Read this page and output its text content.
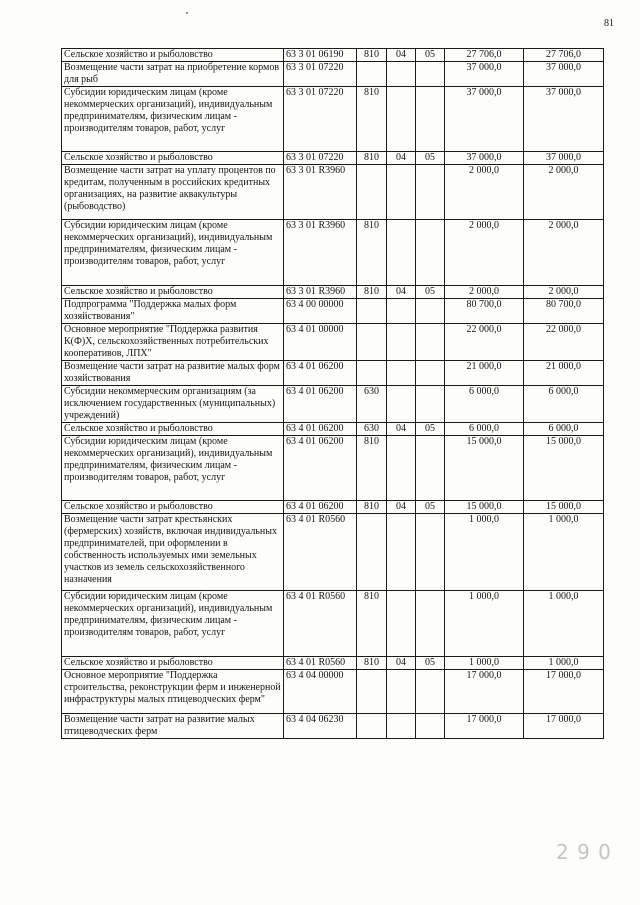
81
Сельское хозяйство и рыболовство	63 3 01 06190	810	04	05	27 706,0	27 706,0
Возмещение части затрат на приобретение кормов для рыб	63 3 01 07220				37 000,0	37 000,0
Субсидии юридическим лицам (кроме некоммерческих организаций), индивидуальным предпринимателям, физическим лицам - производителям товаров, работ, услуг	63 3 01 07220	810			37 000,0	37 000,0
Сельское хозяйство и рыболовство	63 3 01 07220	810	04	05	37 000,0	37 000,0
Возмещение части затрат на уплату процентов по кредитам, полученным в российских кредитных организациях, на развитие аквакультуры (рыбоводство)	63 3 01 R3960				2 000,0	2 000,0
Субсидии юридическим лицам (кроме некоммерческих организаций), индивидуальным предпринимателям, физическим лицам - производителям товаров, работ, услуг	63 3 01 R3960	810			2 000,0	2 000,0
Сельское хозяйство и рыболовство	63 3 01 R3960	810	04	05	2 000,0	2 000,0
Подпрограмма "Поддержка малых форм хозяйствования"	63 4 00 00000				80 700,0	80 700,0
Основное мероприятие "Поддержка развития К(Ф)Х, сельскохозяйственных потребительских кооперативов, ЛПХ"	63 4 01 00000				22 000,0	22 000,0
Возмещение части затрат на развитие малых форм хозяйствования	63 4 01 06200				21 000,0	21 000,0
Субсидии некоммерческим организациям (за исключением государственных (муниципальных) учреждений)	63 4 01 06200	630			6 000,0	6 000,0
Сельское хозяйство и рыболовство	63 4 01 06200	630	04	05	6 000,0	6 000,0
Субсидии юридическим лицам (кроме некоммерческих организаций), индивидуальным предпринимателям, физическим лицам - производителям товаров, работ, услуг	63 4 01 06200	810			15 000,0	15 000,0
Сельское хозяйство и рыболовство	63 4 01 06200	810	04	05	15 000,0	15 000,0
Возмещение части затрат крестьянских (фермерских) хозяйств, включая индивидуальных предпринимателей, при оформлении в собственность используемых ими земельных участков из земель сельскохозяйственного назначения	63 4 01 R0560				1 000,0	1 000,0
Субсидии юридическим лицам (кроме некоммерческих организаций), индивидуальным предпринимателям, физическим лицам - производителям товаров, работ, услуг	63 4 01 R0560	810			1 000,0	1 000,0
Сельское хозяйство и рыболовство	63 4 01 R0560	810	04	05	1 000,0	1 000,0
Основное мероприятие "Поддержка строительства, реконструкции ферм и инженерной инфраструктуры малых птицеводческих ферм"	63 4 04 00000				17 000,0	17 000,0
Возмещение части затрат на развитие малых птицеводческих ферм	63 4 04 06230				17 000,0	17 000,0
2 9 0
